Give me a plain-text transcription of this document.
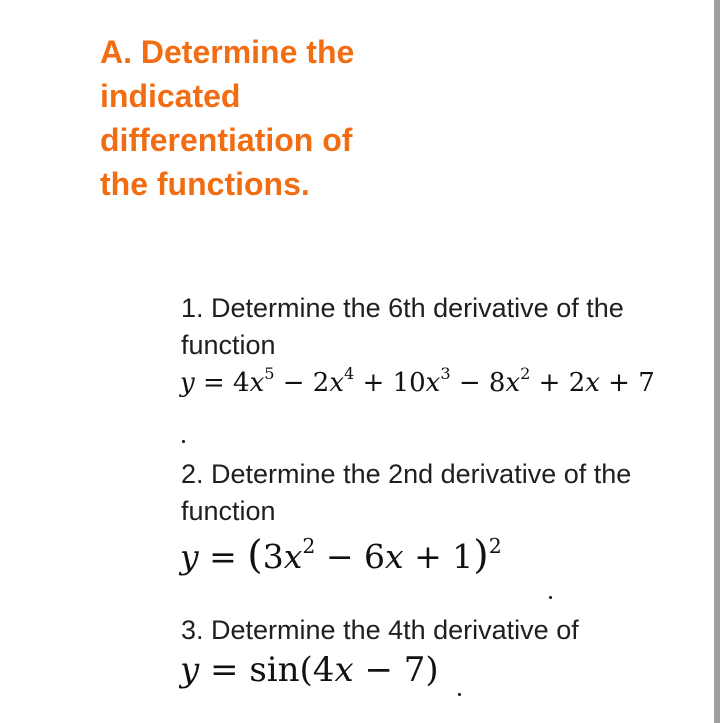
A. Determine the indicated differentiation of the functions.
1. Determine the 6th derivative of the function
$y = 4x^5 - 2x^4 + 10x^3 - 8x^2 + 2x + 7$
2. Determine the 2nd derivative of the function
$y = (3x^2 - 6x + 1)^2$
3. Determine the 4th derivative of
y = sin(4x − 7)
